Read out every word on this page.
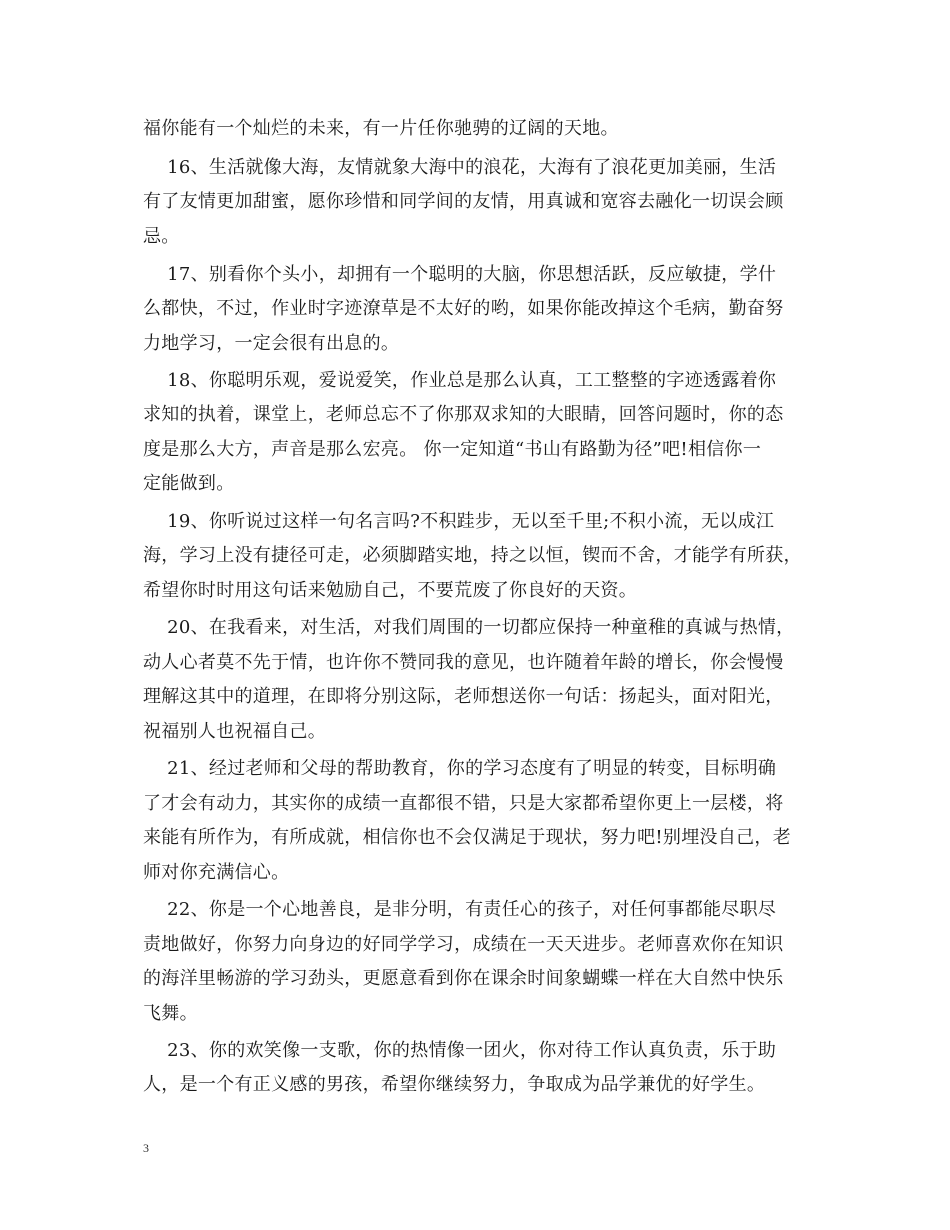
福你能有一个灿烂的未来，有一片任你驰骋的辽阔的天地。
16、生活就像大海，友情就象大海中的浪花，大海有了浪花更加美丽，生活
有了友情更加甜蜜，愿你珍惜和同学间的友情，用真诚和宽容去融化一切误会顾
忌。
17、别看你个头小，却拥有一个聪明的大脑，你思想活跃，反应敏捷，学什
么都快，不过，作业时字迹潦草是不太好的哟，如果你能改掉这个毛病，勤奋努
力地学习，一定会很有出息的。
18、你聪明乐观，爱说爱笑，作业总是那么认真，工工整整的字迹透露着你
求知的执着，课堂上，老师总忘不了你那双求知的大眼睛，回答问题时，你的态
度是那么大方，声音是那么宏亮。 你一定知道“书山有路勤为径”吧!相信你一
定能做到。
19、你听说过这样一句名言吗?不积跬步，无以至千里;不积小流，无以成江
海，学习上没有捷径可走，必须脚踏实地，持之以恒，锲而不舍，才能学有所获，
希望你时时用这句话来勉励自己，不要荒废了你良好的天资。
20、在我看来，对生活，对我们周围的一切都应保持一种童稚的真诚与热情，
动人心者莫不先于情，也许你不赞同我的意见，也许随着年龄的增长，你会慢慢
理解这其中的道理，在即将分别这际，老师想送你一句话：扬起头，面对阳光，
祝福别人也祝福自己。
21、经过老师和父母的帮助教育，你的学习态度有了明显的转变，目标明确
了才会有动力，其实你的成绩一直都很不错，只是大家都希望你更上一层楼，将
来能有所作为，有所成就，相信你也不会仅满足于现状，努力吧!别埋没自己，老
师对你充满信心。
22、你是一个心地善良，是非分明，有责任心的孩子，对任何事都能尽职尽
责地做好，你努力向身边的好同学学习，成绩在一天天进步。老师喜欢你在知识
的海洋里畅游的学习劲头，更愿意看到你在课余时间象蝴蝶一样在大自然中快乐
飞舞。
23、你的欢笑像一支歌，你的热情像一团火，你对待工作认真负责，乐于助
人，是一个有正义感的男孩，希望你继续努力，争取成为品学兼优的好学生。
3
